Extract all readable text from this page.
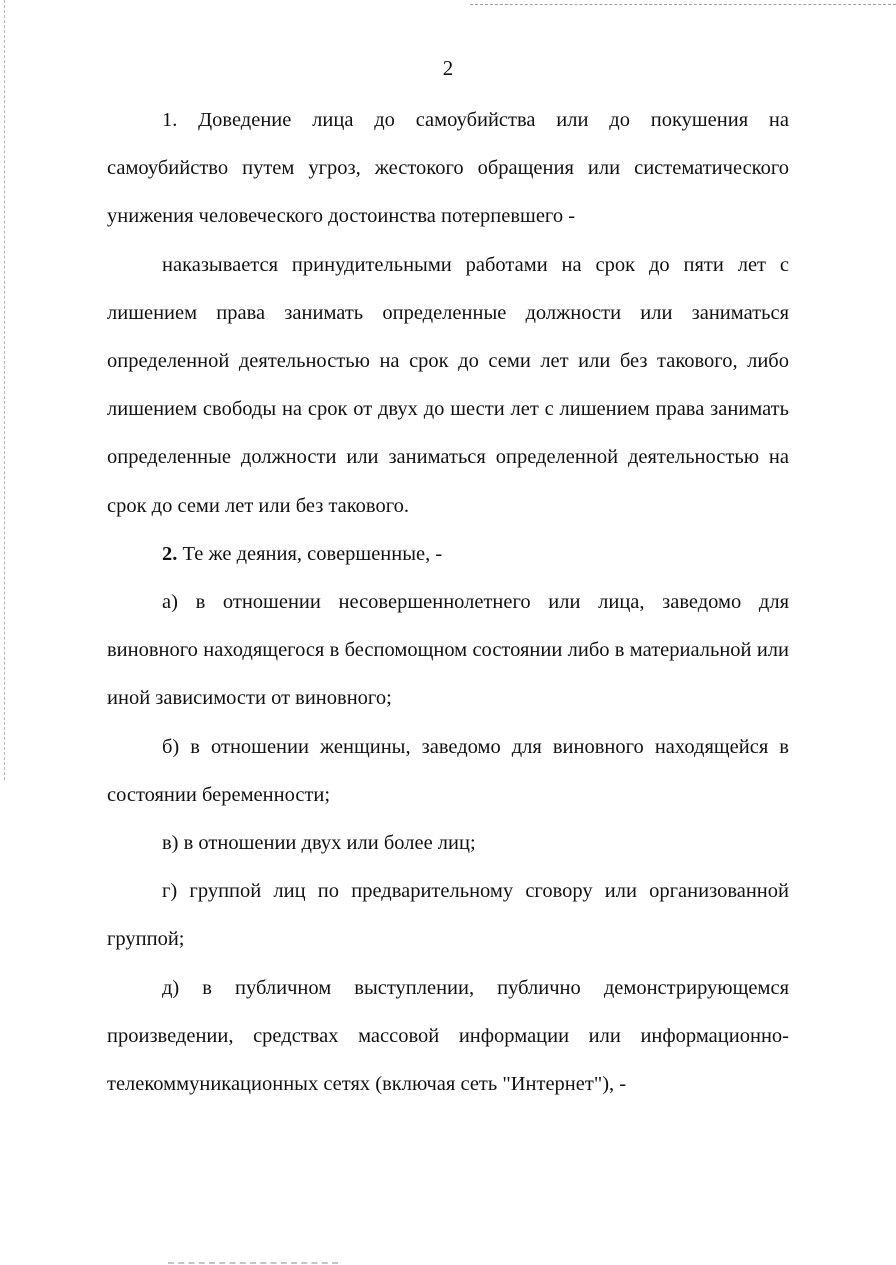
2

1. Доведение лица до самоубийства или до покушения на самоубийство путем угроз, жестокого обращения или систематического унижения человеческого достоинства потерпевшего -

наказывается принудительными работами на срок до пяти лет с лишением права занимать определенные должности или заниматься определенной деятельностью на срок до семи лет или без такового, либо лишением свободы на срок от двух до шести лет с лишением права занимать определенные должности или заниматься определенной деятельностью на срок до семи лет или без такового.

2. Те же деяния, совершенные, -

а) в отношении несовершеннолетнего или лица, заведомо для виновного находящегося в беспомощном состоянии либо в материальной или иной зависимости от виновного;

б) в отношении женщины, заведомо для виновного находящейся в состоянии беременности;

в) в отношении двух или более лиц;

г) группой лиц по предварительному сговору или организованной группой;

д) в публичном выступлении, публично демонстрирующемся произведении, средствах массовой информации или информационно-телекоммуникационных сетях (включая сеть "Интернет"), -
